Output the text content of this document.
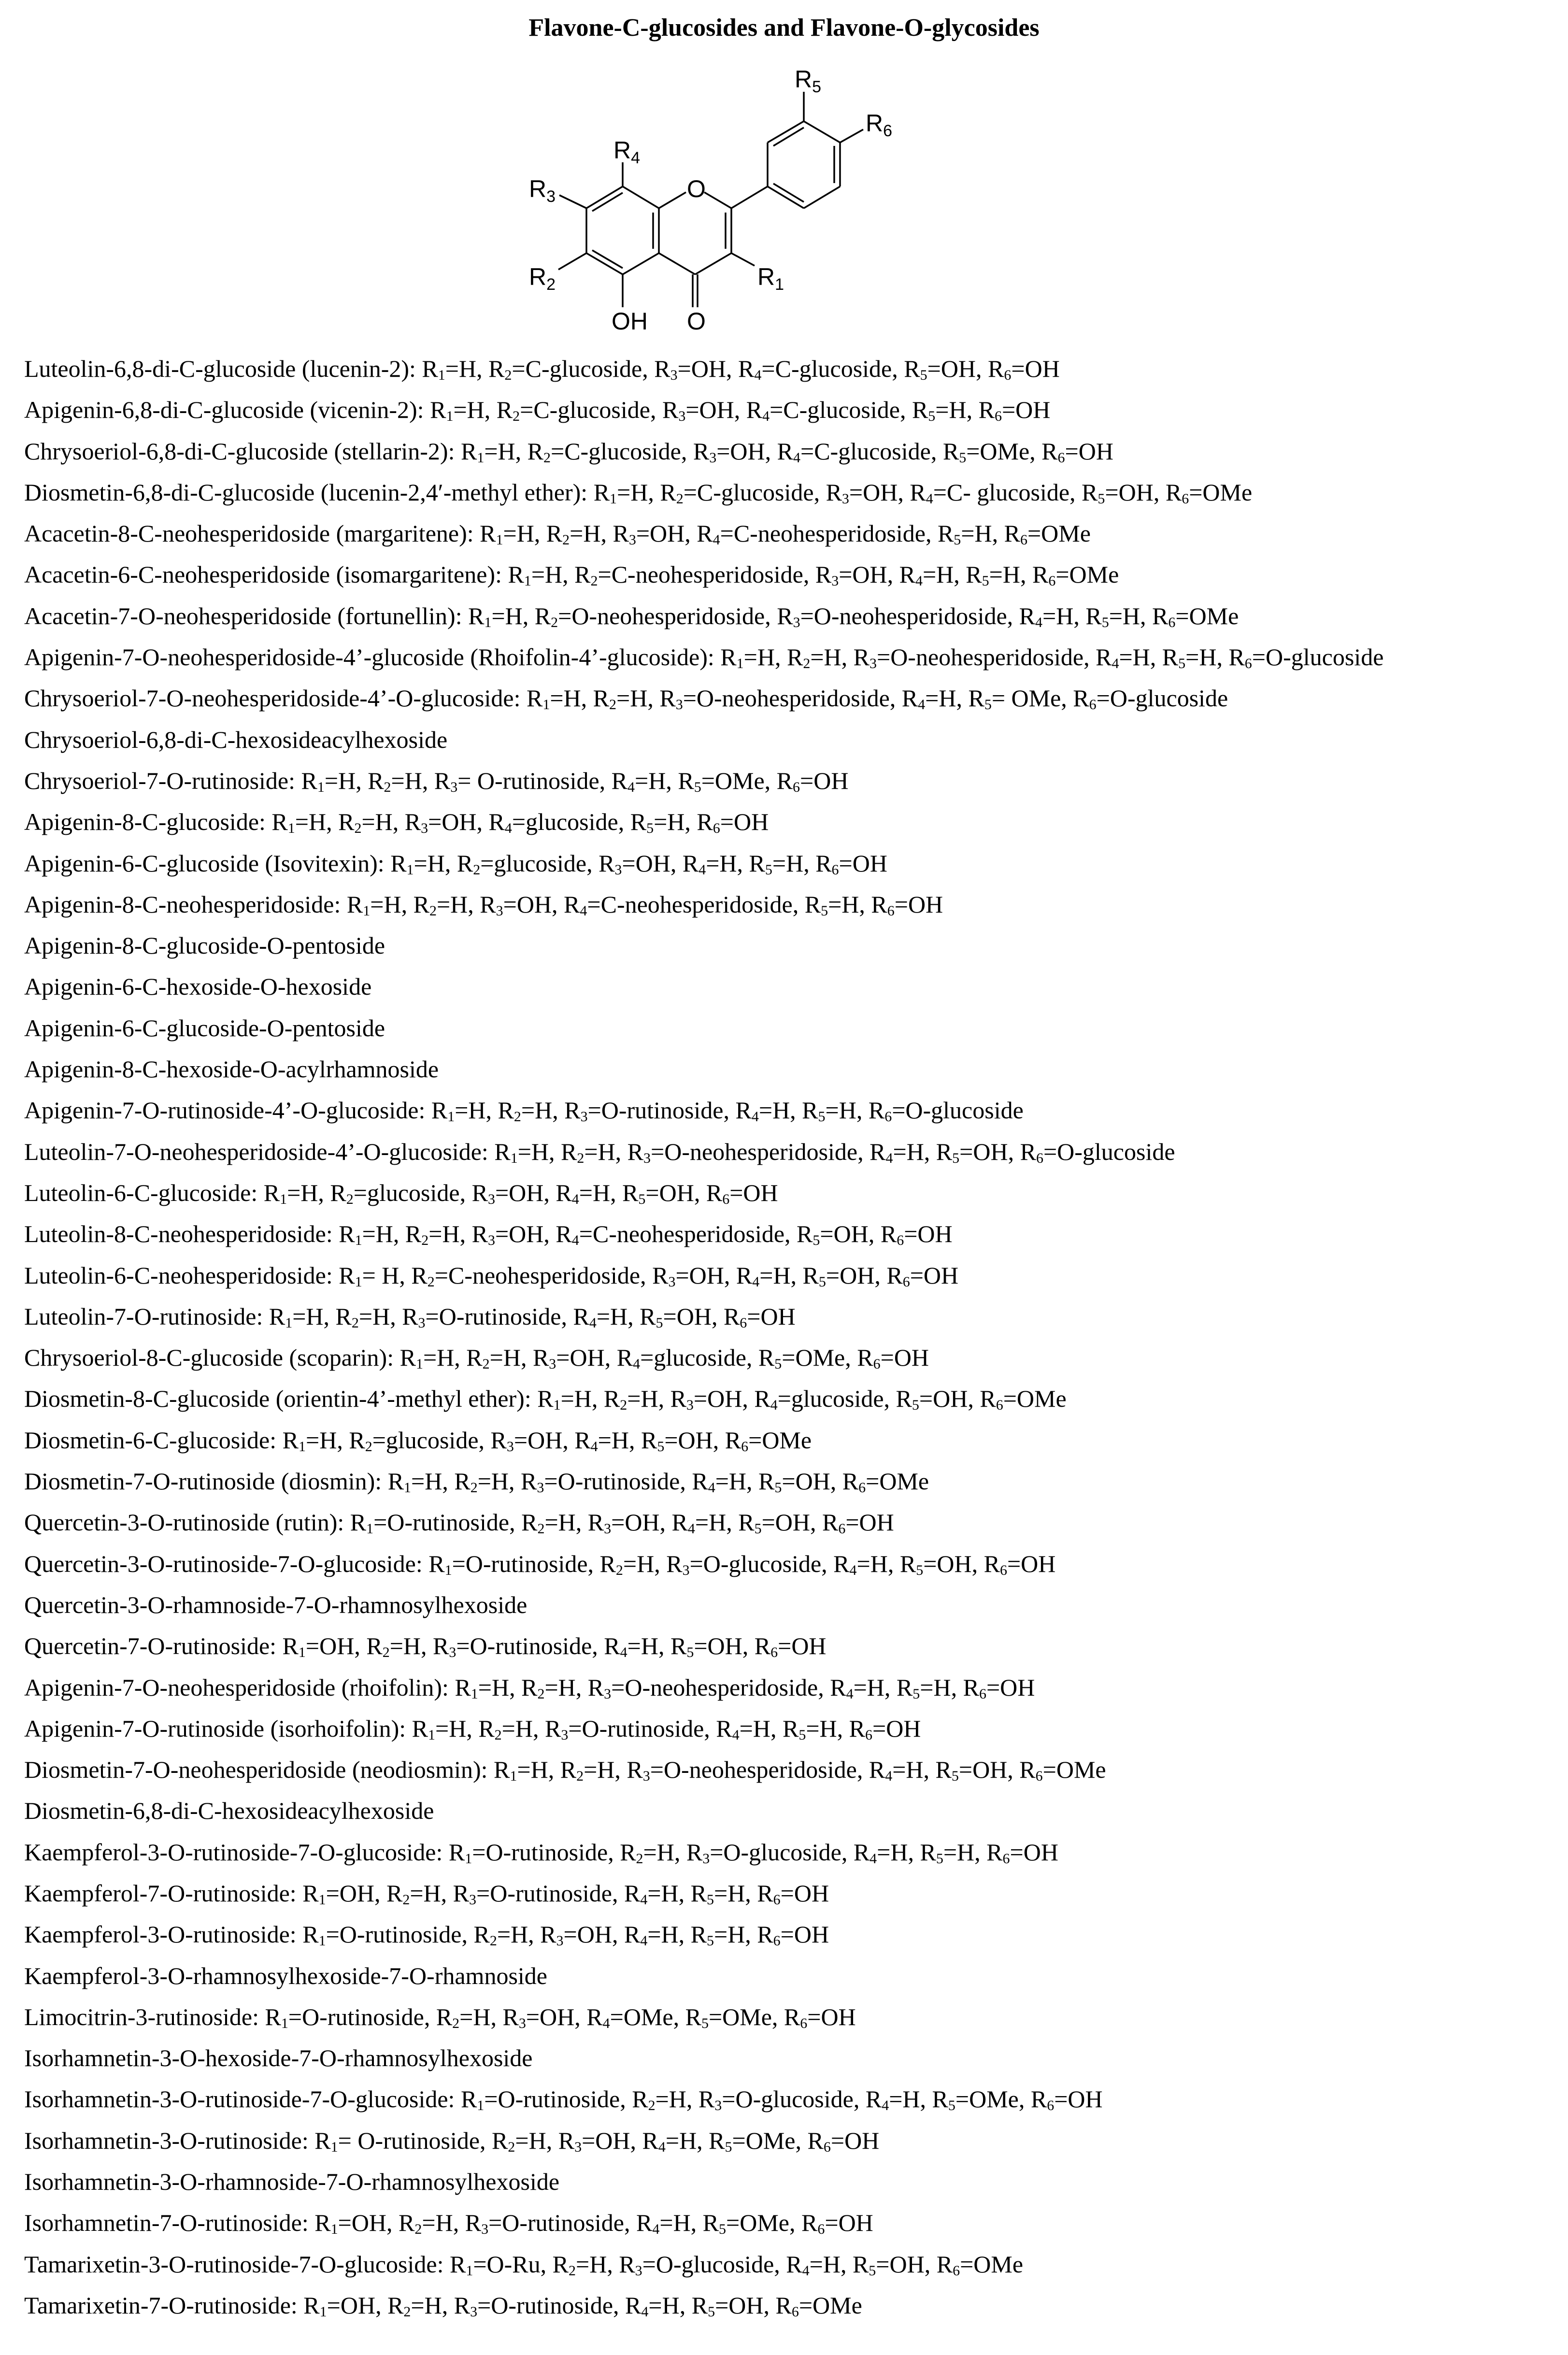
Flavone-C-glucosides and Flavone-O-glycosides
$R_5$
$R_6$
$R_4$
$R_3$
$R_2$	$R_1$
O
O
OH
Luteolin-6,8-di-C-glucoside (lucenin-2): $R_1=H$, $R_2=C$-glucoside, $R_3=OH$, $R_4=C$-glucoside, $R_5=OH$, $R_6=OH$
Apigenin-6,8-di-C-glucoside (vicenin-2): $R_1=H$, $R_2=C$-glucoside, $R_3=OH$, $R_4=C$-glucoside, $R_5=H$, $R_6=OH$
Chrysoeriol-6,8-di-C-glucoside (stellarin-2): $R_1=H$, $R_2=C$-glucoside, $R_3=OH$, $R_4=C$-glucoside, $R_5=OMe$, $R_6=OH$
Diosmetin-6,8-di-C-glucoside (lucenin-2,4′-methyl ether): $R_1=H$, $R_2=C$-glucoside, $R_3=OH$, $R_4=C-$ glucoside, $R_5=OH$, $R_6=OMe$
Acacetin-8-C-neohesperidoside (margaritene): $R_1=H$, $R_2=H$, $R_3=OH$, $R_4=C$-neohesperidoside, $R_5=H$, $R_6=OMe$
Acacetin-6-C-neohesperidoside (isomargaritene): $R_1=H$, $R_2=C$-neohesperidoside, $R_3=OH$, $R_4=H$, $R_5=H$, $R_6=OMe$
Acacetin-7-O-neohesperidoside (fortunellin): $R_1=H$, $R_2=O$-neohesperidoside, $R_3=O$-neohesperidoside, $R_4=H$, $R_5=H$, $R_6=OMe$
Apigenin-7-O-neohesperidoside-4’-glucoside (Rhoifolin-4’-glucoside): $R_1=H$, $R_2=H$, $R_3=O$-neohesperidoside, $R_4=H$, $R_5=H$, $R_6=O$-glucoside
Chrysoeriol-7-O-neohesperidoside-4’-O-glucoside: $R_1=H$, $R_2=H$, $R_3=O$-neohesperidoside, $R_4=H$, $R_5=$ OMe, $R_6=O$-glucoside
Chrysoeriol-6,8-di-C-hexosideacylhexoside
Chrysoeriol-7-O-rutinoside: $R_1=H$, $R_2=H$, $R_3=$ O-rutinoside, $R_4=H$, $R_5=OMe$, $R_6=OH$
Apigenin-8-C-glucoside: $R_1=H$, $R_2=H$, $R_3=OH$, $R_4=glucoside$, $R_5=H$, $R_6=OH$
Apigenin-6-C-glucoside (Isovitexin): $R_1=H$, $R_2=glucoside$, $R_3=OH$, $R_4=H$, $R_5=H$, $R_6=OH$
Apigenin-8-C-neohesperidoside: $R_1=H$, $R_2=H$, $R_3=OH$, $R_4=C$-neohesperidoside, $R_5=H$, $R_6=OH$
Apigenin-8-C-glucoside-O-pentoside
Apigenin-6-C-hexoside-O-hexoside
Apigenin-6-C-glucoside-O-pentoside
Apigenin-8-C-hexoside-O-acylrhamnoside
Apigenin-7-O-rutinoside-4’-O-glucoside: $R_1=H$, $R_2=H$, $R_3=O$-rutinoside, $R_4=H$, $R_5=H$, $R_6=O$-glucoside
Luteolin-7-O-neohesperidoside-4’-O-glucoside: $R_1=H$, $R_2=H$, $R_3=O$-neohesperidoside, $R_4=H$, $R_5=OH$, $R_6=O$-glucoside
Luteolin-6-C-glucoside: $R_1=H$, $R_2=glucoside$, $R_3=OH$, $R_4=H$, $R_5=OH$, $R_6=OH$
Luteolin-8-C-neohesperidoside: $R_1=H$, $R_2=H$, $R_3=OH$, $R_4=C$-neohesperidoside, $R_5=OH$, $R_6=OH$
Luteolin-6-C-neohesperidoside: $R_1= H$, $R_2=C$-neohesperidoside, $R_3=OH$, $R_4=H$, $R_5=OH$, $R_6=OH$
Luteolin-7-O-rutinoside: $R_1=H$, $R_2=H$, $R_3=O$-rutinoside, $R_4=H$, $R_5=OH$, $R_6=OH$
Chrysoeriol-8-C-glucoside (scoparin): $R_1=H$, $R_2=H$, $R_3=OH$, $R_4=glucoside$, $R_5=OMe$, $R_6=OH$
Diosmetin-8-C-glucoside (orientin-4’-methyl ether): $R_1=H$, $R_2=H$, $R_3=OH$, $R_4=glucoside$, $R_5=OH$, $R_6=OMe$
Diosmetin-6-C-glucoside: $R_1=H$, $R_2=glucoside$, $R_3=OH$, $R_4=H$, $R_5=OH$, $R_6=OMe$
Diosmetin-7-O-rutinoside (diosmin): $R_1=H$, $R_2=H$, $R_3=O$-rutinoside, $R_4=H$, $R_5=OH$, $R_6=OMe$
Quercetin-3-O-rutinoside (rutin): $R_1=O$-rutinoside, $R_2=H$, $R_3=OH$, $R_4=H$, $R_5=OH$, $R_6=OH$
Quercetin-3-O-rutinoside-7-O-glucoside: $R_1=O$-rutinoside, $R_2=H$, $R_3=O$-glucoside, $R_4=H$, $R_5=OH$, $R_6=OH$
Quercetin-3-O-rhamnoside-7-O-rhamnosylhexoside
Quercetin-7-O-rutinoside: $R_1=OH$, $R_2=H$, $R_3=O$-rutinoside, $R_4=H$, $R_5=OH$, $R_6=OH$
Apigenin-7-O-neohesperidoside (rhoifolin): $R_1=H$, $R_2=H$, $R_3=O$-neohesperidoside, $R_4=H$, $R_5=H$, $R_6=OH$
Apigenin-7-O-rutinoside (isorhoifolin): $R_1=H$, $R_2=H$, $R_3=O$-rutinoside, $R_4=H$, $R_5=H$, $R_6=OH$
Diosmetin-7-O-neohesperidoside (neodiosmin): $R_1=H$, $R_2=H$, $R_3=O$-neohesperidoside, $R_4=H$, $R_5=OH$, $R_6=OMe$
Diosmetin-6,8-di-C-hexosideacylhexoside
Kaempferol-3-O-rutinoside-7-O-glucoside: $R_1=O$-rutinoside, $R_2=H$, $R_3=O$-glucoside, $R_4=H$, $R_5=H$, $R_6=OH$
Kaempferol-7-O-rutinoside: $R_1=OH$, $R_2=H$, $R_3=O$-rutinoside, $R_4=H$, $R_5=H$, $R_6=OH$
Kaempferol-3-O-rutinoside: $R_1=O$-rutinoside, $R_2=H$, $R_3=OH$, $R_4=H$, $R_5=H$, $R_6=OH$
Kaempferol-3-O-rhamnosylhexoside-7-O-rhamnoside
Limocitrin-3-rutinoside: $R_1=O$-rutinoside, $R_2=H$, $R_3=OH$, $R_4=OMe$, $R_5=OMe$, $R_6=OH$
Isorhamnetin-3-O-hexoside-7-O-rhamnosylhexoside
Isorhamnetin-3-O-rutinoside-7-O-glucoside: $R_1=O$-rutinoside, $R_2=H$, $R_3=O$-glucoside, $R_4=H$, $R_5=OMe$, $R_6=OH$
Isorhamnetin-3-O-rutinoside: $R_1=$ O-rutinoside, $R_2=H$, $R_3=OH$, $R_4=H$, $R_5=OMe$, $R_6=OH$
Isorhamnetin-3-O-rhamnoside-7-O-rhamnosylhexoside
Isorhamnetin-7-O-rutinoside: $R_1=OH$, $R_2=H$, $R_3=O$-rutinoside, $R_4=H$, $R_5=OMe$, $R_6=OH$
Tamarixetin-3-O-rutinoside-7-O-glucoside: $R_1=O-Ru$, $R_2=H$, $R_3=O$-glucoside, $R_4=H$, $R_5=OH$, $R_6=OMe$
Tamarixetin-7-O-rutinoside: $R_1=OH$, $R_2=H$, $R_3=O$-rutinoside, $R_4=H$, $R_5=OH$, $R_6=OMe$
